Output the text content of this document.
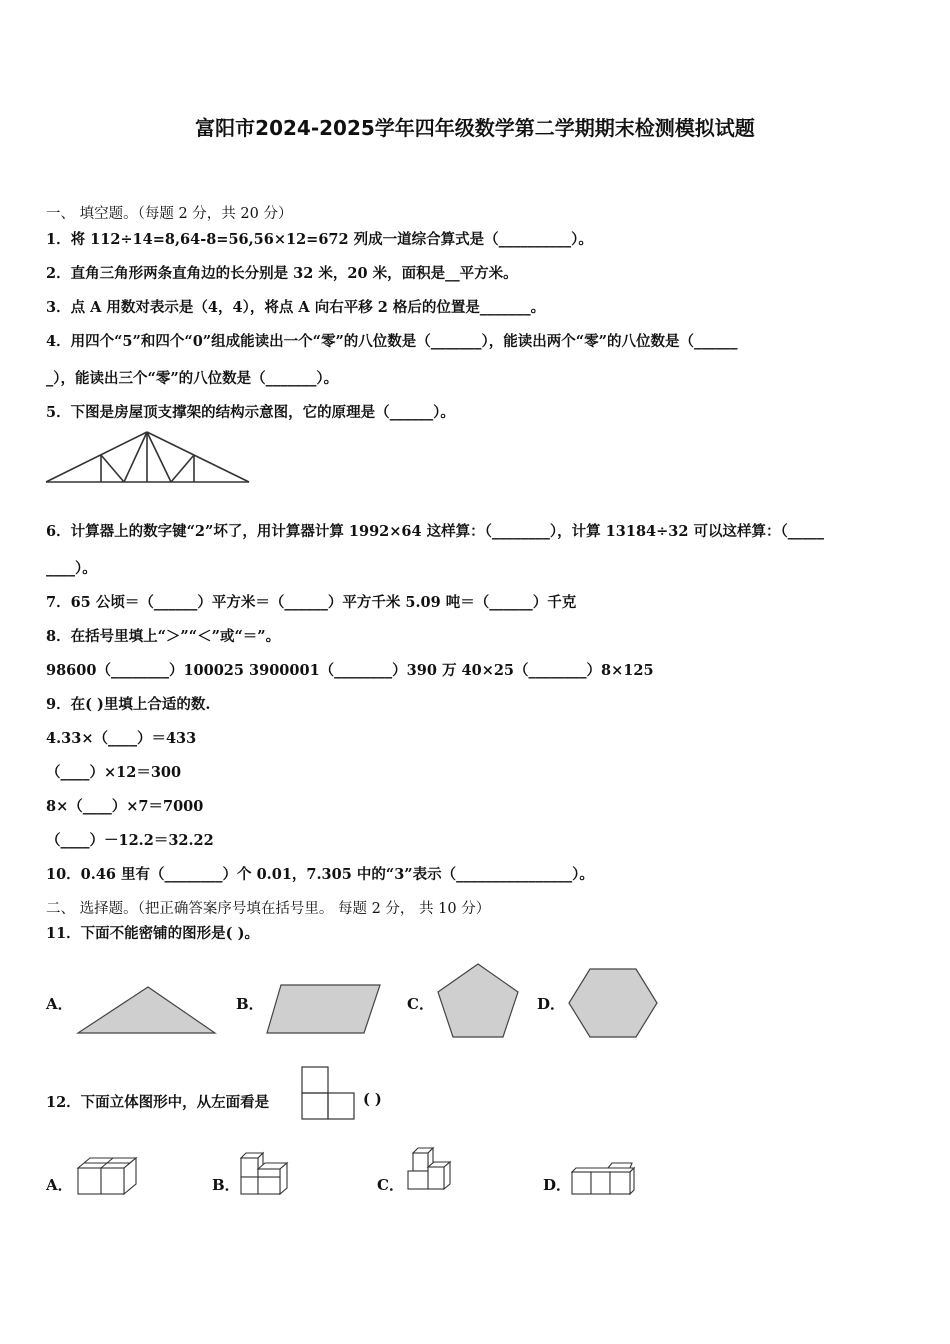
富阳市2024-2025学年四年级数学第二学期期末检测模拟试题
一、 填空题。（每题 2 分，共 20 分）
1．将 112÷14=8,64-8=56,56×12=672 列成一道综合算式是（__________）。
2．直角三角形两条直角边的长分别是 32 米，20 米，面积是__平方米。
3．点 A 用数对表示是（4，4），将点 A 向右平移 2 格后的位置是_______。
4．用四个“5”和四个“0”组成能读出一个“零”的八位数是（_______），能读出两个“零”的八位数是（______
_），能读出三个“零”的八位数是（_______）。
5．下图是房屋顶支撑架的结构示意图，它的原理是（______）。
6．计算器上的数字键“2”坏了，用计算器计算 1992×64 这样算：（________），计算 13184÷32 可以这样算：（_____
____）。
7．65 公顷＝（______）平方米＝（______）平方千米 5.09 吨＝（______）千克
8．在括号里填上“＞”“＜”或“＝”。
98600（________）100025 3900001（________）390 万 40×25（________）8×125
9．在( )里填上合适的数.
4.33×（____）＝433
（____）×12＝300
8×（____）×7＝7000
（____）－12.2＝32.22
10．0.46 里有（________）个 0.01，7.305 中的“3”表示（________________）。
二、 选择题。（把正确答案序号填在括号里。 每题 2 分， 共 10 分）
11．下面不能密铺的图形是( )。
A．	B．	C．	D．
12．下面立体图形中，从左面看是	( )
A．	B．	C．	D．
